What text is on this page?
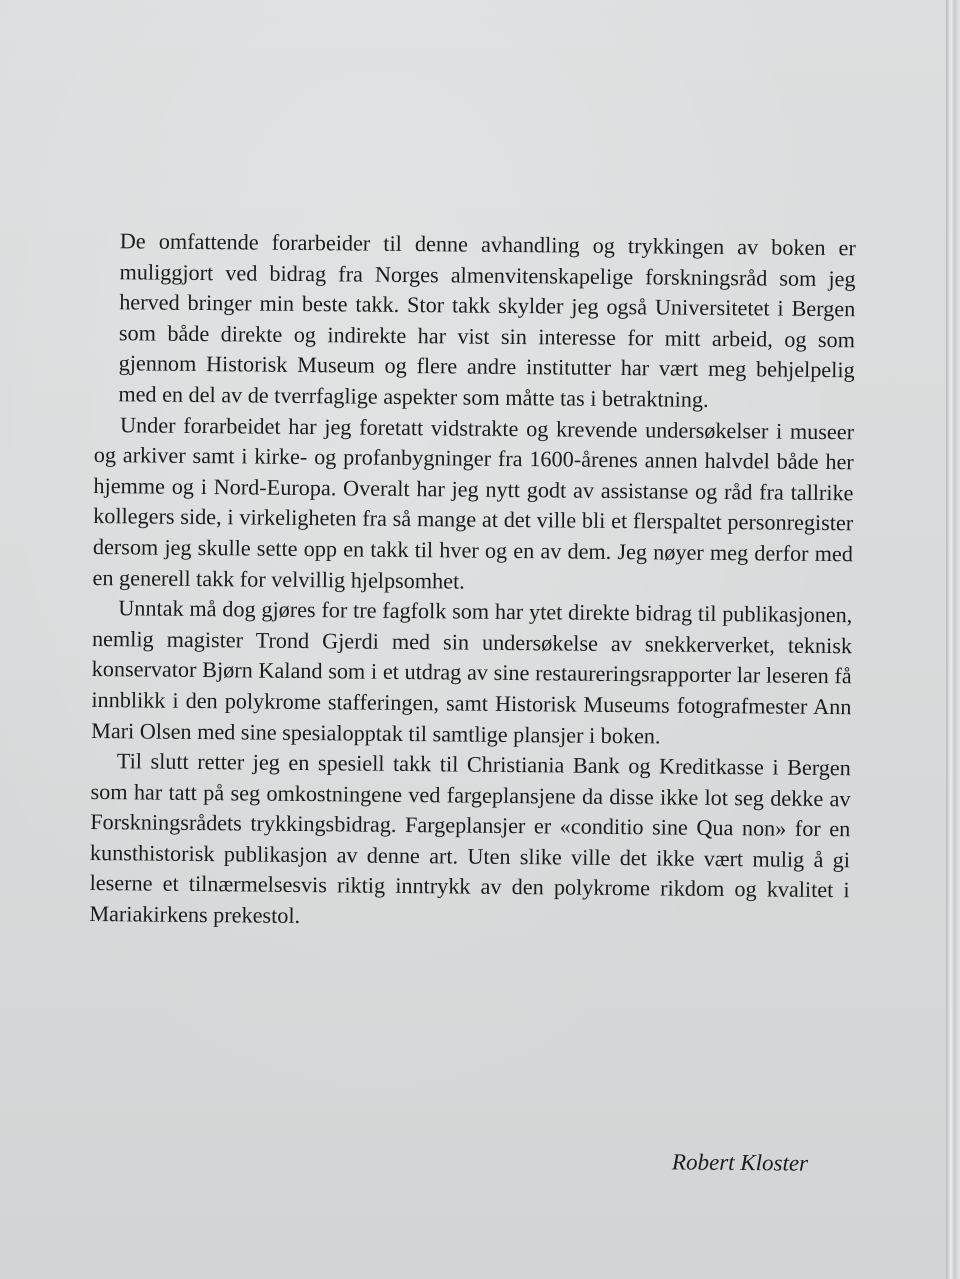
De omfattende forarbeider til denne avhandling og trykkingen av boken er muliggjort ved bidrag fra Norges almenvitenskapelige forskningsråd som jeg herved bringer min beste takk. Stor takk skylder jeg også Universitetet i Bergen som både direkte og indirekte har vist sin interesse for mitt arbeid, og som gjennom Historisk Museum og flere andre institutter har vært meg behjelpelig med en del av de tverrfaglige aspekter som måtte tas i betraktning.

Under forarbeidet har jeg foretatt vidstrakte og krevende undersøkelser i museer og arkiver samt i kirke- og profanbygninger fra 1600-årenes annen halvdel både her hjemme og i Nord-Europa. Overalt har jeg nytt godt av assistanse og råd fra tallrike kollegers side, i virkeligheten fra så mange at det ville bli et flerspaltet personregister dersom jeg skulle sette opp en takk til hver og en av dem. Jeg nøyer meg derfor med en generell takk for velvillig hjelpsomhet.

Unntak må dog gjøres for tre fagfolk som har ytet direkte bidrag til publikasjonen, nemlig magister Trond Gjerdi med sin undersøkelse av snekkerverket, teknisk konservator Bjørn Kaland som i et utdrag av sine restaureringsrapporter lar leseren få innblikk i den polykrome stafferingen, samt Historisk Museums fotografmester Ann Mari Olsen med sine spesialopptak til samtlige plansjer i boken.

Til slutt retter jeg en spesiell takk til Christiania Bank og Kreditkasse i Bergen som har tatt på seg omkostningene ved fargeplansjene da disse ikke lot seg dekke av Forskningsrådets trykkingsbidrag. Fargeplansjer er «conditio sine Qua non» for en kunsthistorisk publikasjon av denne art. Uten slike ville det ikke vært mulig å gi leserne et tilnærmelsesvis riktig inntrykk av den polykrome rikdom og kvalitet i Mariakirkens prekestol.

Robert Kloster
